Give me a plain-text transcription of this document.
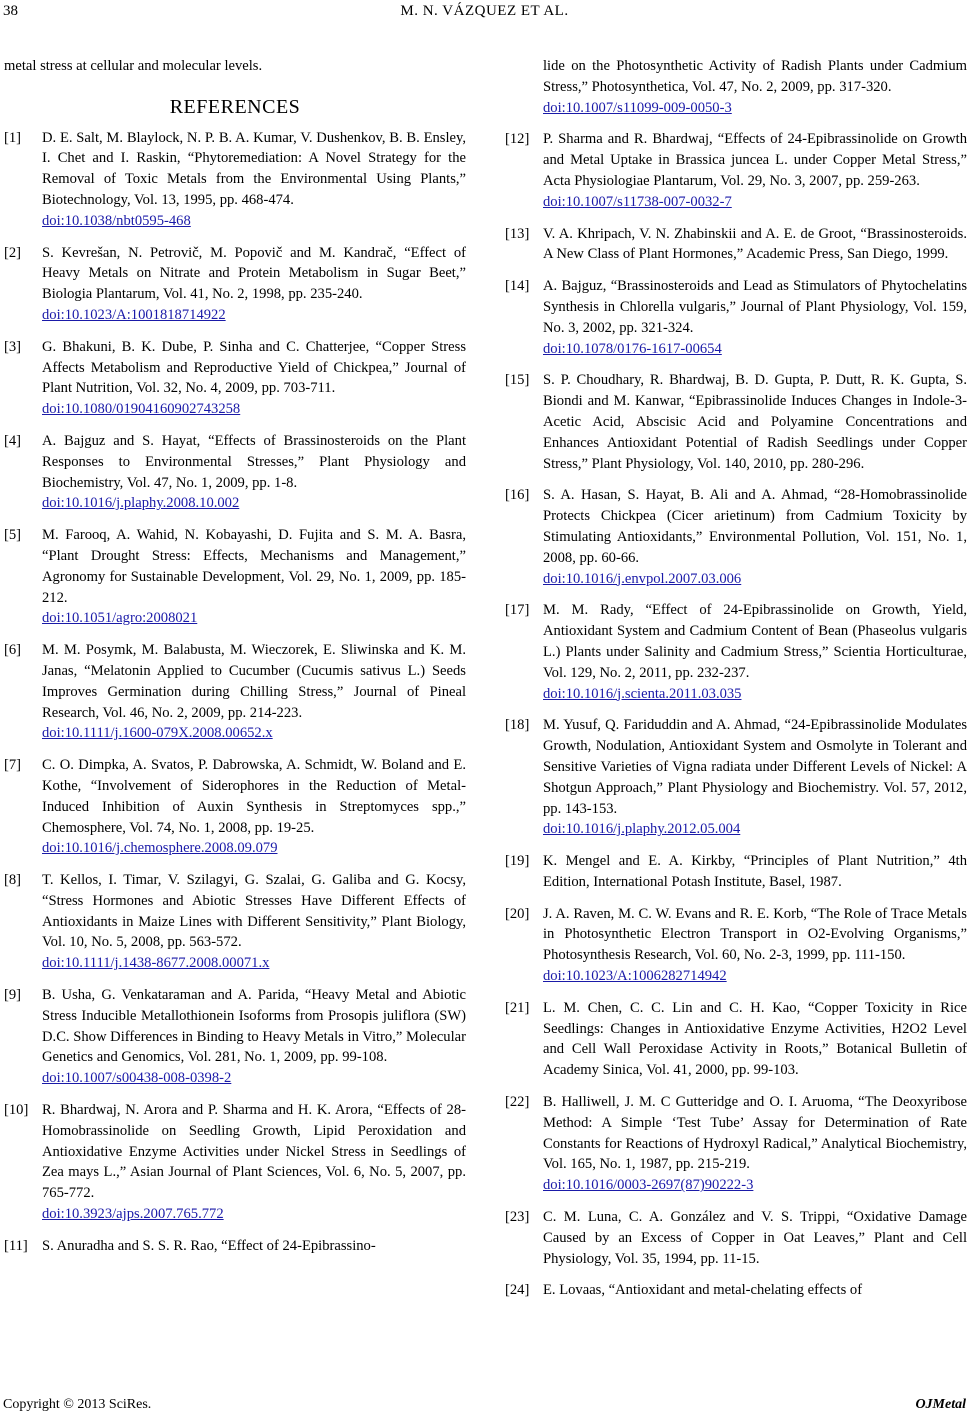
38	M. N. VÁZQUEZ ET AL.

metal stress at cellular and molecular levels.

REFERENCES
[1] D. E. Salt, M. Blaylock, N. P. B. A. Kumar, V. Dushenkov, B. B. Ensley, I. Chet and I. Raskin, “Phytoremediation: A Novel Strategy for the Removal of Toxic Metals from the Environmental Using Plants,” Biotechnology, Vol. 13, 1995, pp. 468-474.
doi:10.1038/nbt0595-468
[2] S. Kevrešan, N. Petrovič, M. Popovič and M. Kandrač, “Effect of Heavy Metals on Nitrate and Protein Metabolism in Sugar Beet,” Biologia Plantarum, Vol. 41, No. 2, 1998, pp. 235-240.
doi:10.1023/A:1001818714922
[3] G. Bhakuni, B. K. Dube, P. Sinha and C. Chatterjee, “Copper Stress Affects Metabolism and Reproductive Yield of Chickpea,” Journal of Plant Nutrition, Vol. 32, No. 4, 2009, pp. 703-711.
doi:10.1080/01904160902743258
[4] A. Bajguz and S. Hayat, “Effects of Brassinosteroids on the Plant Responses to Environmental Stresses,” Plant Physiology and Biochemistry, Vol. 47, No. 1, 2009, pp. 1-8.
doi:10.1016/j.plaphy.2008.10.002
[5] M. Farooq, A. Wahid, N. Kobayashi, D. Fujita and S. M. A. Basra, “Plant Drought Stress: Effects, Mechanisms and Management,” Agronomy for Sustainable Development, Vol. 29, No. 1, 2009, pp. 185-212.
doi:10.1051/agro:2008021
[6] M. M. Posymk, M. Balabusta, M. Wieczorek, E. Sliwinska and K. M. Janas, “Melatonin Applied to Cucumber (Cucumis sativus L.) Seeds Improves Germination during Chilling Stress,” Journal of Pineal Research, Vol. 46, No. 2, 2009, pp. 214-223.
doi:10.1111/j.1600-079X.2008.00652.x
[7] C. O. Dimpka, A. Svatos, P. Dabrowska, A. Schmidt, W. Boland and E. Kothe, “Involvement of Siderophores in the Reduction of Metal-Induced Inhibition of Auxin Synthesis in Streptomyces spp.,” Chemosphere, Vol. 74, No. 1, 2008, pp. 19-25.
doi:10.1016/j.chemosphere.2008.09.079
[8] T. Kellos, I. Timar, V. Szilagyi, G. Szalai, G. Galiba and G. Kocsy, “Stress Hormones and Abiotic Stresses Have Different Effects of Antioxidants in Maize Lines with Different Sensitivity,” Plant Biology, Vol. 10, No. 5, 2008, pp. 563-572.
doi:10.1111/j.1438-8677.2008.00071.x
[9] B. Usha, G. Venkataraman and A. Parida, “Heavy Metal and Abiotic Stress Inducible Metallothionein Isoforms from Prosopis juliflora (SW) D.C. Show Differences in Binding to Heavy Metals in Vitro,” Molecular Genetics and Genomics, Vol. 281, No. 1, 2009, pp. 99-108.
doi:10.1007/s00438-008-0398-2
[10] R. Bhardwaj, N. Arora and P. Sharma and H. K. Arora, “Effects of 28-Homobrassinolide on Seedling Growth, Lipid Peroxidation and Antioxidative Enzyme Activities under Nickel Stress in Seedlings of Zea mays L.,” Asian Journal of Plant Sciences, Vol. 6, No. 5, 2007, pp. 765-772.
doi:10.3923/ajps.2007.765.772
[11] S. Anuradha and S. S. R. Rao, “Effect of 24-Epibrassino-
lide on the Photosynthetic Activity of Radish Plants under Cadmium Stress,” Photosynthetica, Vol. 47, No. 2, 2009, pp. 317-320.
doi:10.1007/s11099-009-0050-3
[12] P. Sharma and R. Bhardwaj, “Effects of 24-Epibrassinolide on Growth and Metal Uptake in Brassica juncea L. under Copper Metal Stress,” Acta Physiologiae Plantarum, Vol. 29, No. 3, 2007, pp. 259-263.
doi:10.1007/s11738-007-0032-7
[13] V. A. Khripach, V. N. Zhabinskii and A. E. de Groot, “Brassinosteroids. A New Class of Plant Hormones,” Academic Press, San Diego, 1999.
[14] A. Bajguz, “Brassinosteroids and Lead as Stimulators of Phytochelatins Synthesis in Chlorella vulgaris,” Journal of Plant Physiology, Vol. 159, No. 3, 2002, pp. 321-324.
doi:10.1078/0176-1617-00654
[15] S. P. Choudhary, R. Bhardwaj, B. D. Gupta, P. Dutt, R. K. Gupta, S. Biondi and M. Kanwar, “Epibrassinolide Induces Changes in Indole-3-Acetic Acid, Abscisic Acid and Polyamine Concentrations and Enhances Antioxidant Potential of Radish Seedlings under Copper Stress,” Plant Physiology, Vol. 140, 2010, pp. 280-296.
[16] S. A. Hasan, S. Hayat, B. Ali and A. Ahmad, “28-Homobrassinolide Protects Chickpea (Cicer arietinum) from Cadmium Toxicity by Stimulating Antioxidants,” Environmental Pollution, Vol. 151, No. 1, 2008, pp. 60-66.
doi:10.1016/j.envpol.2007.03.006
[17] M. M. Rady, “Effect of 24-Epibrassinolide on Growth, Yield, Antioxidant System and Cadmium Content of Bean (Phaseolus vulgaris L.) Plants under Salinity and Cadmium Stress,” Scientia Horticulturae, Vol. 129, No. 2, 2011, pp. 232-237.
doi:10.1016/j.scienta.2011.03.035
[18] M. Yusuf, Q. Fariduddin and A. Ahmad, “24-Epibrassinolide Modulates Growth, Nodulation, Antioxidant System and Osmolyte in Tolerant and Sensitive Varieties of Vigna radiata under Different Levels of Nickel: A Shotgun Approach,” Plant Physiology and Biochemistry. Vol. 57, 2012, pp. 143-153.
doi:10.1016/j.plaphy.2012.05.004
[19] K. Mengel and E. A. Kirkby, “Principles of Plant Nutrition,” 4th Edition, International Potash Institute, Basel, 1987.
[20] J. A. Raven, M. C. W. Evans and R. E. Korb, “The Role of Trace Metals in Photosynthetic Electron Transport in O2-Evolving Organisms,” Photosynthesis Research, Vol. 60, No. 2-3, 1999, pp. 111-150.
doi:10.1023/A:1006282714942
[21] L. M. Chen, C. C. Lin and C. H. Kao, “Copper Toxicity in Rice Seedlings: Changes in Antioxidative Enzyme Activities, H2O2 Level and Cell Wall Peroxidase Activity in Roots,” Botanical Bulletin of Academy Sinica, Vol. 41, 2000, pp. 99-103.
[22] B. Halliwell, J. M. C Gutteridge and O. I. Aruoma, “The Deoxyribose Method: A Simple ‘Test Tube’ Assay for Determination of Rate Constants for Reactions of Hydroxyl Radical,” Analytical Biochemistry, Vol. 165, No. 1, 1987, pp. 215-219.
doi:10.1016/0003-2697(87)90222-3
[23] C. M. Luna, C. A. González and V. S. Trippi, “Oxidative Damage Caused by an Excess of Copper in Oat Leaves,” Plant and Cell Physiology, Vol. 35, 1994, pp. 11-15.
[24] E. Lovaas, “Antioxidant and metal-chelating effects of
Copyright © 2013 SciRes.	OJMetal
